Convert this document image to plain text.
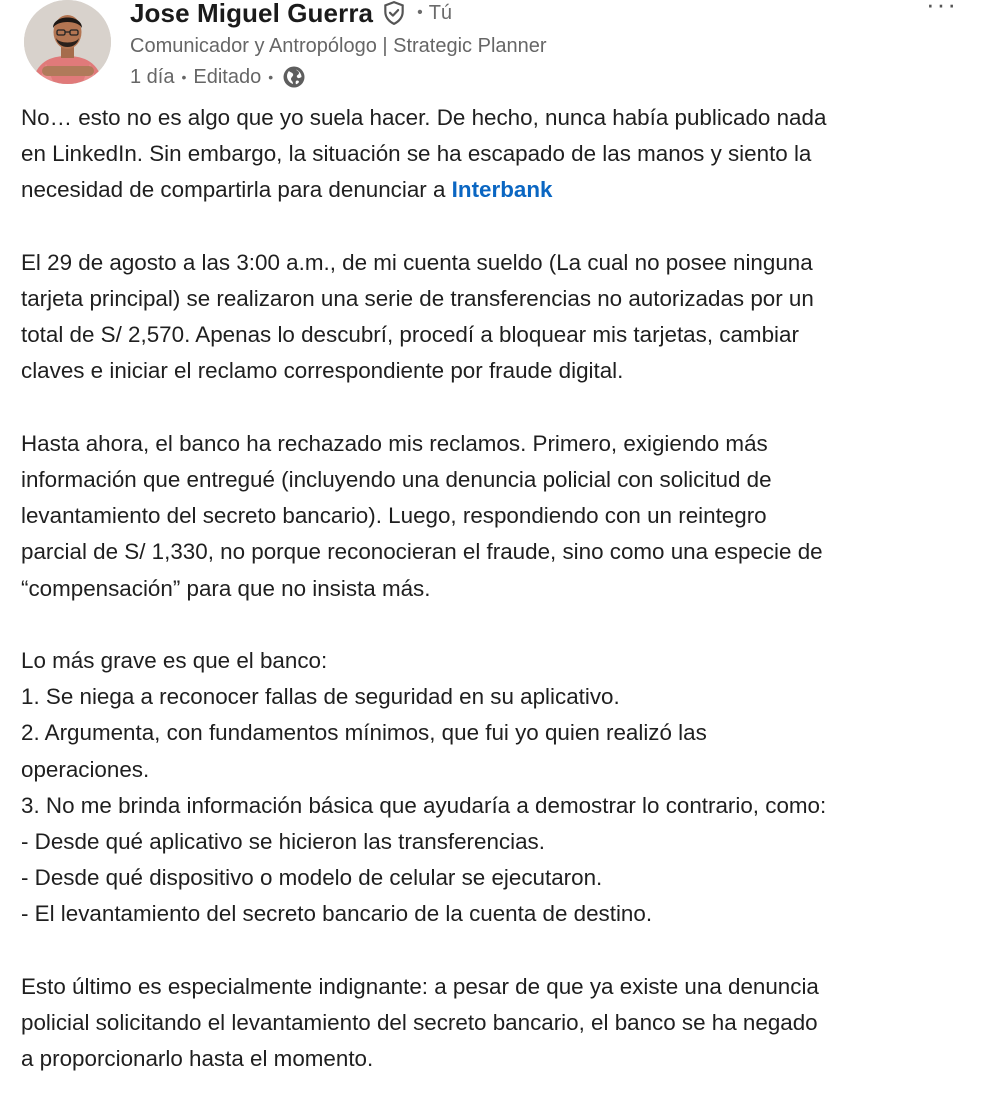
Jose Miguel Guerra	• Tú
Comunicador y Antropólogo | Strategic Planner
1 día • Editado •
···

No… esto no es algo que yo suela hacer. De hecho, nunca había publicado nada
en LinkedIn. Sin embargo, la situación se ha escapado de las manos y siento la
necesidad de compartirla para denunciar a Interbank

El 29 de agosto a las 3:00 a.m., de mi cuenta sueldo (La cual no posee ninguna
tarjeta principal) se realizaron una serie de transferencias no autorizadas por un
total de S/ 2,570. Apenas lo descubrí, procedí a bloquear mis tarjetas, cambiar
claves e iniciar el reclamo correspondiente por fraude digital.

Hasta ahora, el banco ha rechazado mis reclamos. Primero, exigiendo más
información que entregué (incluyendo una denuncia policial con solicitud de
levantamiento del secreto bancario). Luego, respondiendo con un reintegro
parcial de S/ 1,330, no porque reconocieran el fraude, sino como una especie de
“compensación” para que no insista más.

Lo más grave es que el banco:
1. Se niega a reconocer fallas de seguridad en su aplicativo.
2. Argumenta, con fundamentos mínimos, que fui yo quien realizó las
operaciones.
3. No me brinda información básica que ayudaría a demostrar lo contrario, como:
- Desde qué aplicativo se hicieron las transferencias.
- Desde qué dispositivo o modelo de celular se ejecutaron.
- El levantamiento del secreto bancario de la cuenta de destino.

Esto último es especialmente indignante: a pesar de que ya existe una denuncia
policial solicitando el levantamiento del secreto bancario, el banco se ha negado
a proporcionarlo hasta el momento.
